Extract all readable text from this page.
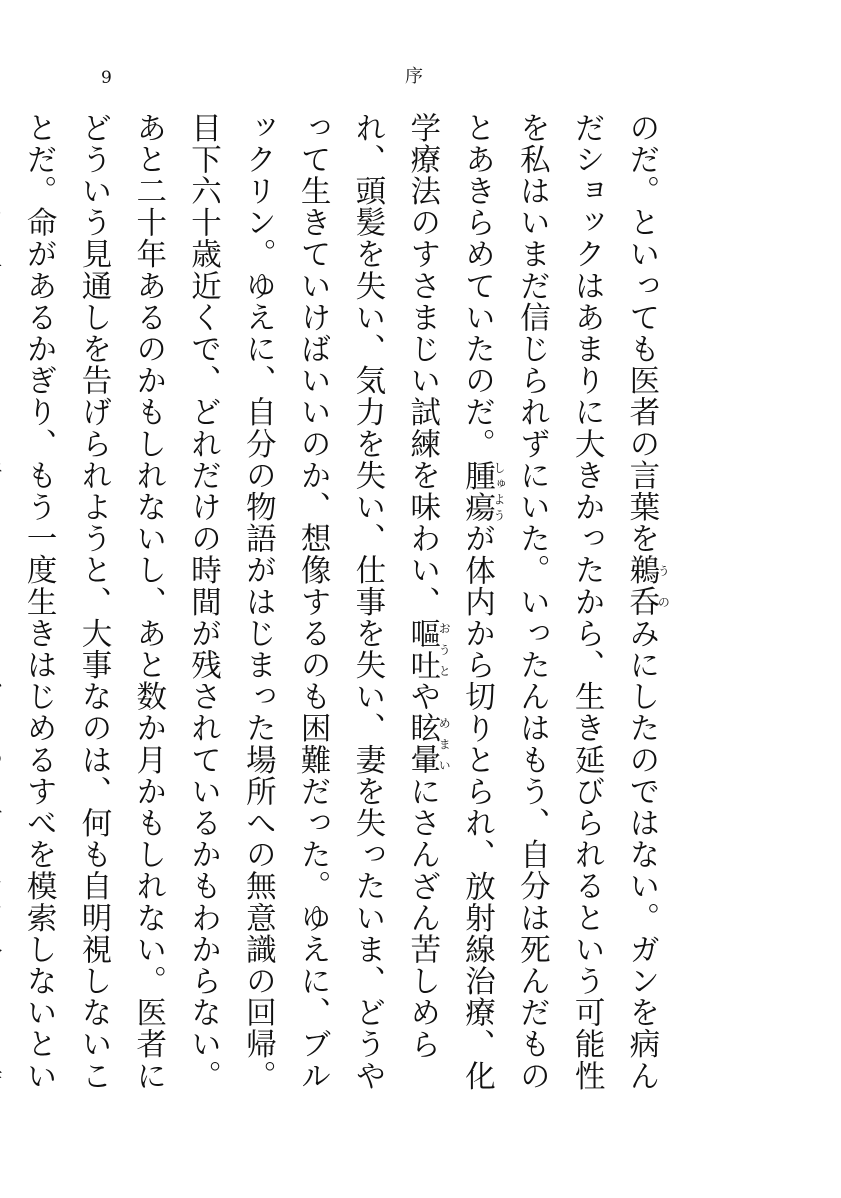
9	序

のだ。といっても医者の言葉を鵜呑うのみにしたのではない。ガンを病んだショックはあまりに大きかったから、生き延びられるという可能性を私はいまだ信じられずにいた。いったんはもう、自分は死んだものとあきらめていたのだ。腫瘍しゅようが体内から切りとられ、放射線治療、化学療法のすさまじい試練を味わい、嘔吐おうとや眩暈めまいにさんざん苦しめられ、頭髪を失い、気力を失い、仕事を失い、妻を失ったいま、どうやって生きていけばいいのか、想像するのも困難だった。ゆえに、ブルックリン。ゆえに、自分の物語がはじまった場所への無意識の回帰。目下六十歳近くで、どれだけの時間が残されているかもわからない。あと二十年あるのかもしれないし、あと数か月かもしれない。医者にどういう見通しを告げられようと、大事なのは、何も自明視しないことだ。命があるかぎり、もう一度生きはじめるすべを模索しないとい
